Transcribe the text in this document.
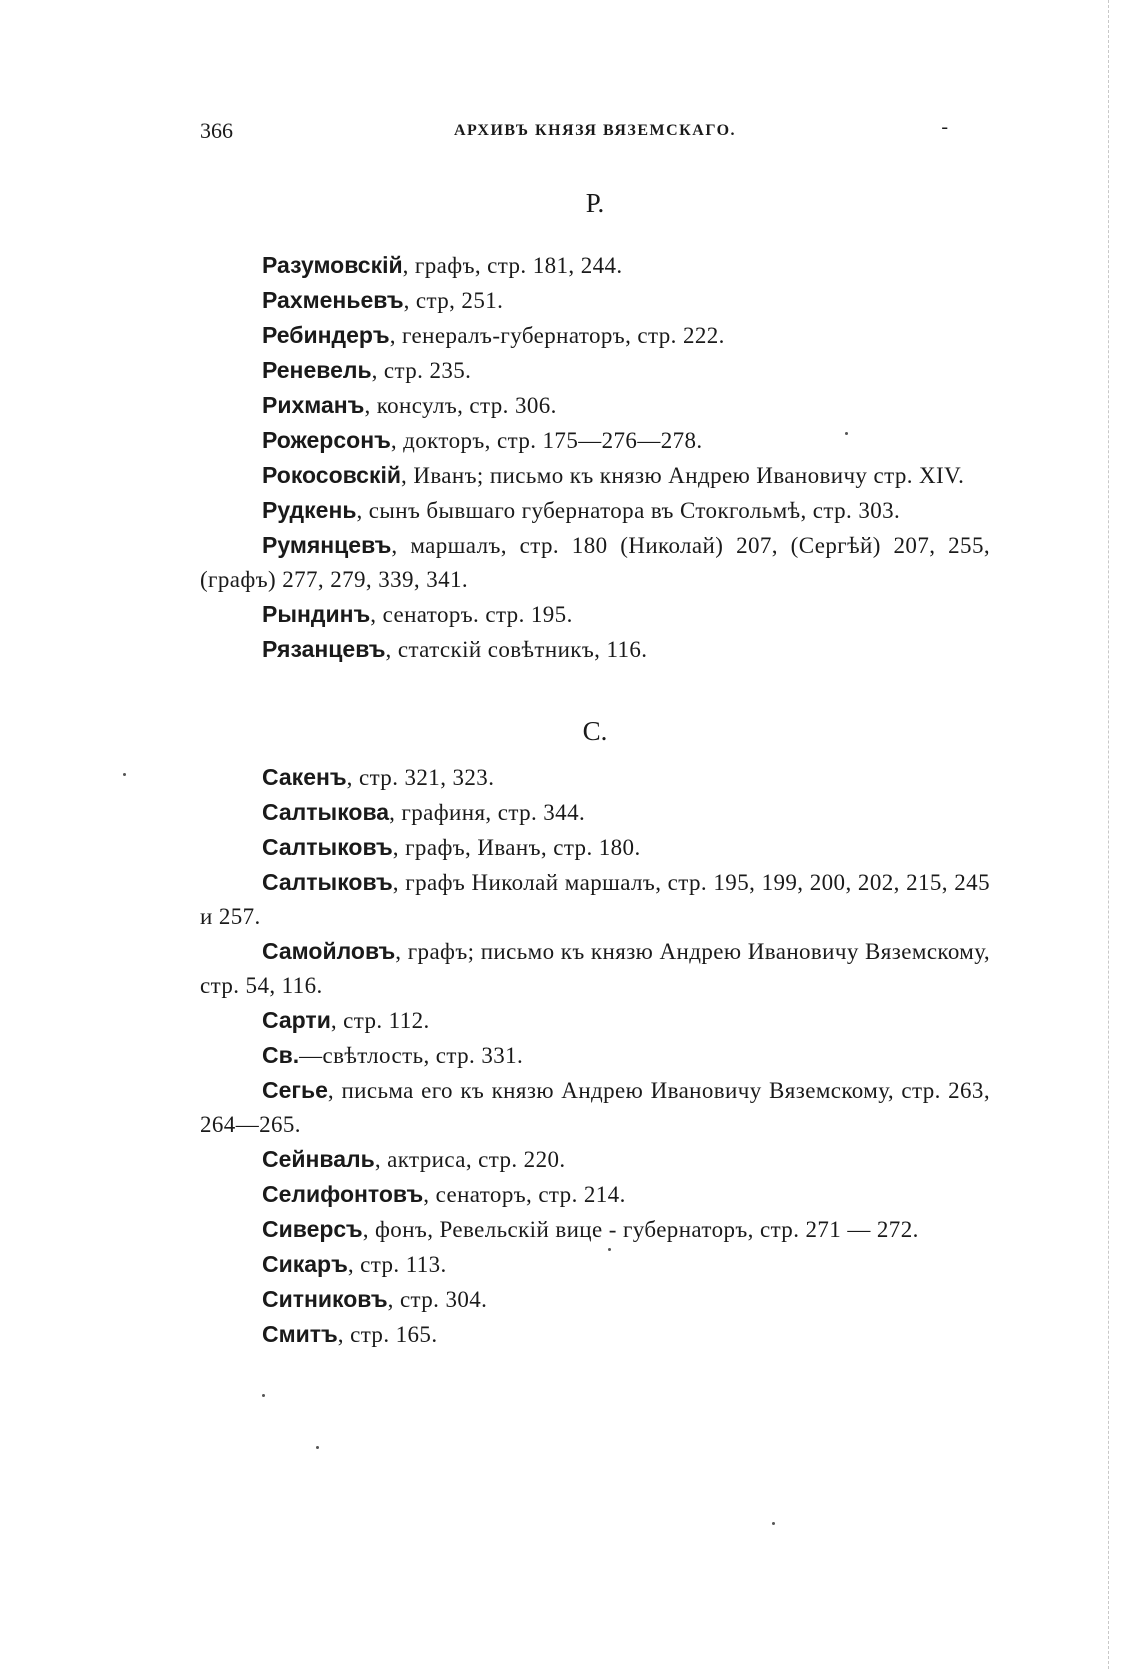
366	АРХИВЪ КНЯЗЯ ВЯЗЕМСКАГО.	-
Р.

Разумовскій, графъ, стр. 181, 244.

Рахменьевъ, стр, 251.

Ребиндеръ, генералъ-губернаторъ, стр. 222.

Реневель, стр. 235.

Рихманъ, консулъ, стр. 306.

Рожерсонъ, докторъ, стр. 175—276—278.

Рокосовскій, Иванъ; письмо къ князю Андрею Ивановичу стр. XIV.

Рудкень, сынъ бывшаго губернатора въ Стокгольмѣ, стр. 303.

Румянцевъ, маршалъ, стр. 180 (Николай) 207, (Сергѣй) 207, 255, (графъ) 277, 279, 339, 341.

Рындинъ, сенаторъ. стр. 195.

Рязанцевъ, статскій совѣтникъ, 116.

С.

Сакенъ, стр. 321, 323.

Салтыкова, графиня, стр. 344.

Салтыковъ, графъ, Иванъ, стр. 180.

Салтыковъ, графъ Николай маршалъ, стр. 195, 199, 200, 202, 215, 245 и 257.

Самойловъ, графъ; письмо къ князю Андрею Ивановичу Вяземскому, стр. 54, 116.

Сарти, стр. 112.

Св.—свѣтлость, стр. 331.

Сегье, письма его къ князю Андрею Ивановичу Вяземскому, стр. 263, 264—265.

Сейнваль, актриса, стр. 220.

Селифонтовъ, сенаторъ, стр. 214.

Сиверсъ, фонъ, Ревельскій вице - губернаторъ, стр. 271 — 272.

Сикаръ, стр. 113.

Ситниковъ, стр. 304.

Смитъ, стр. 165.
